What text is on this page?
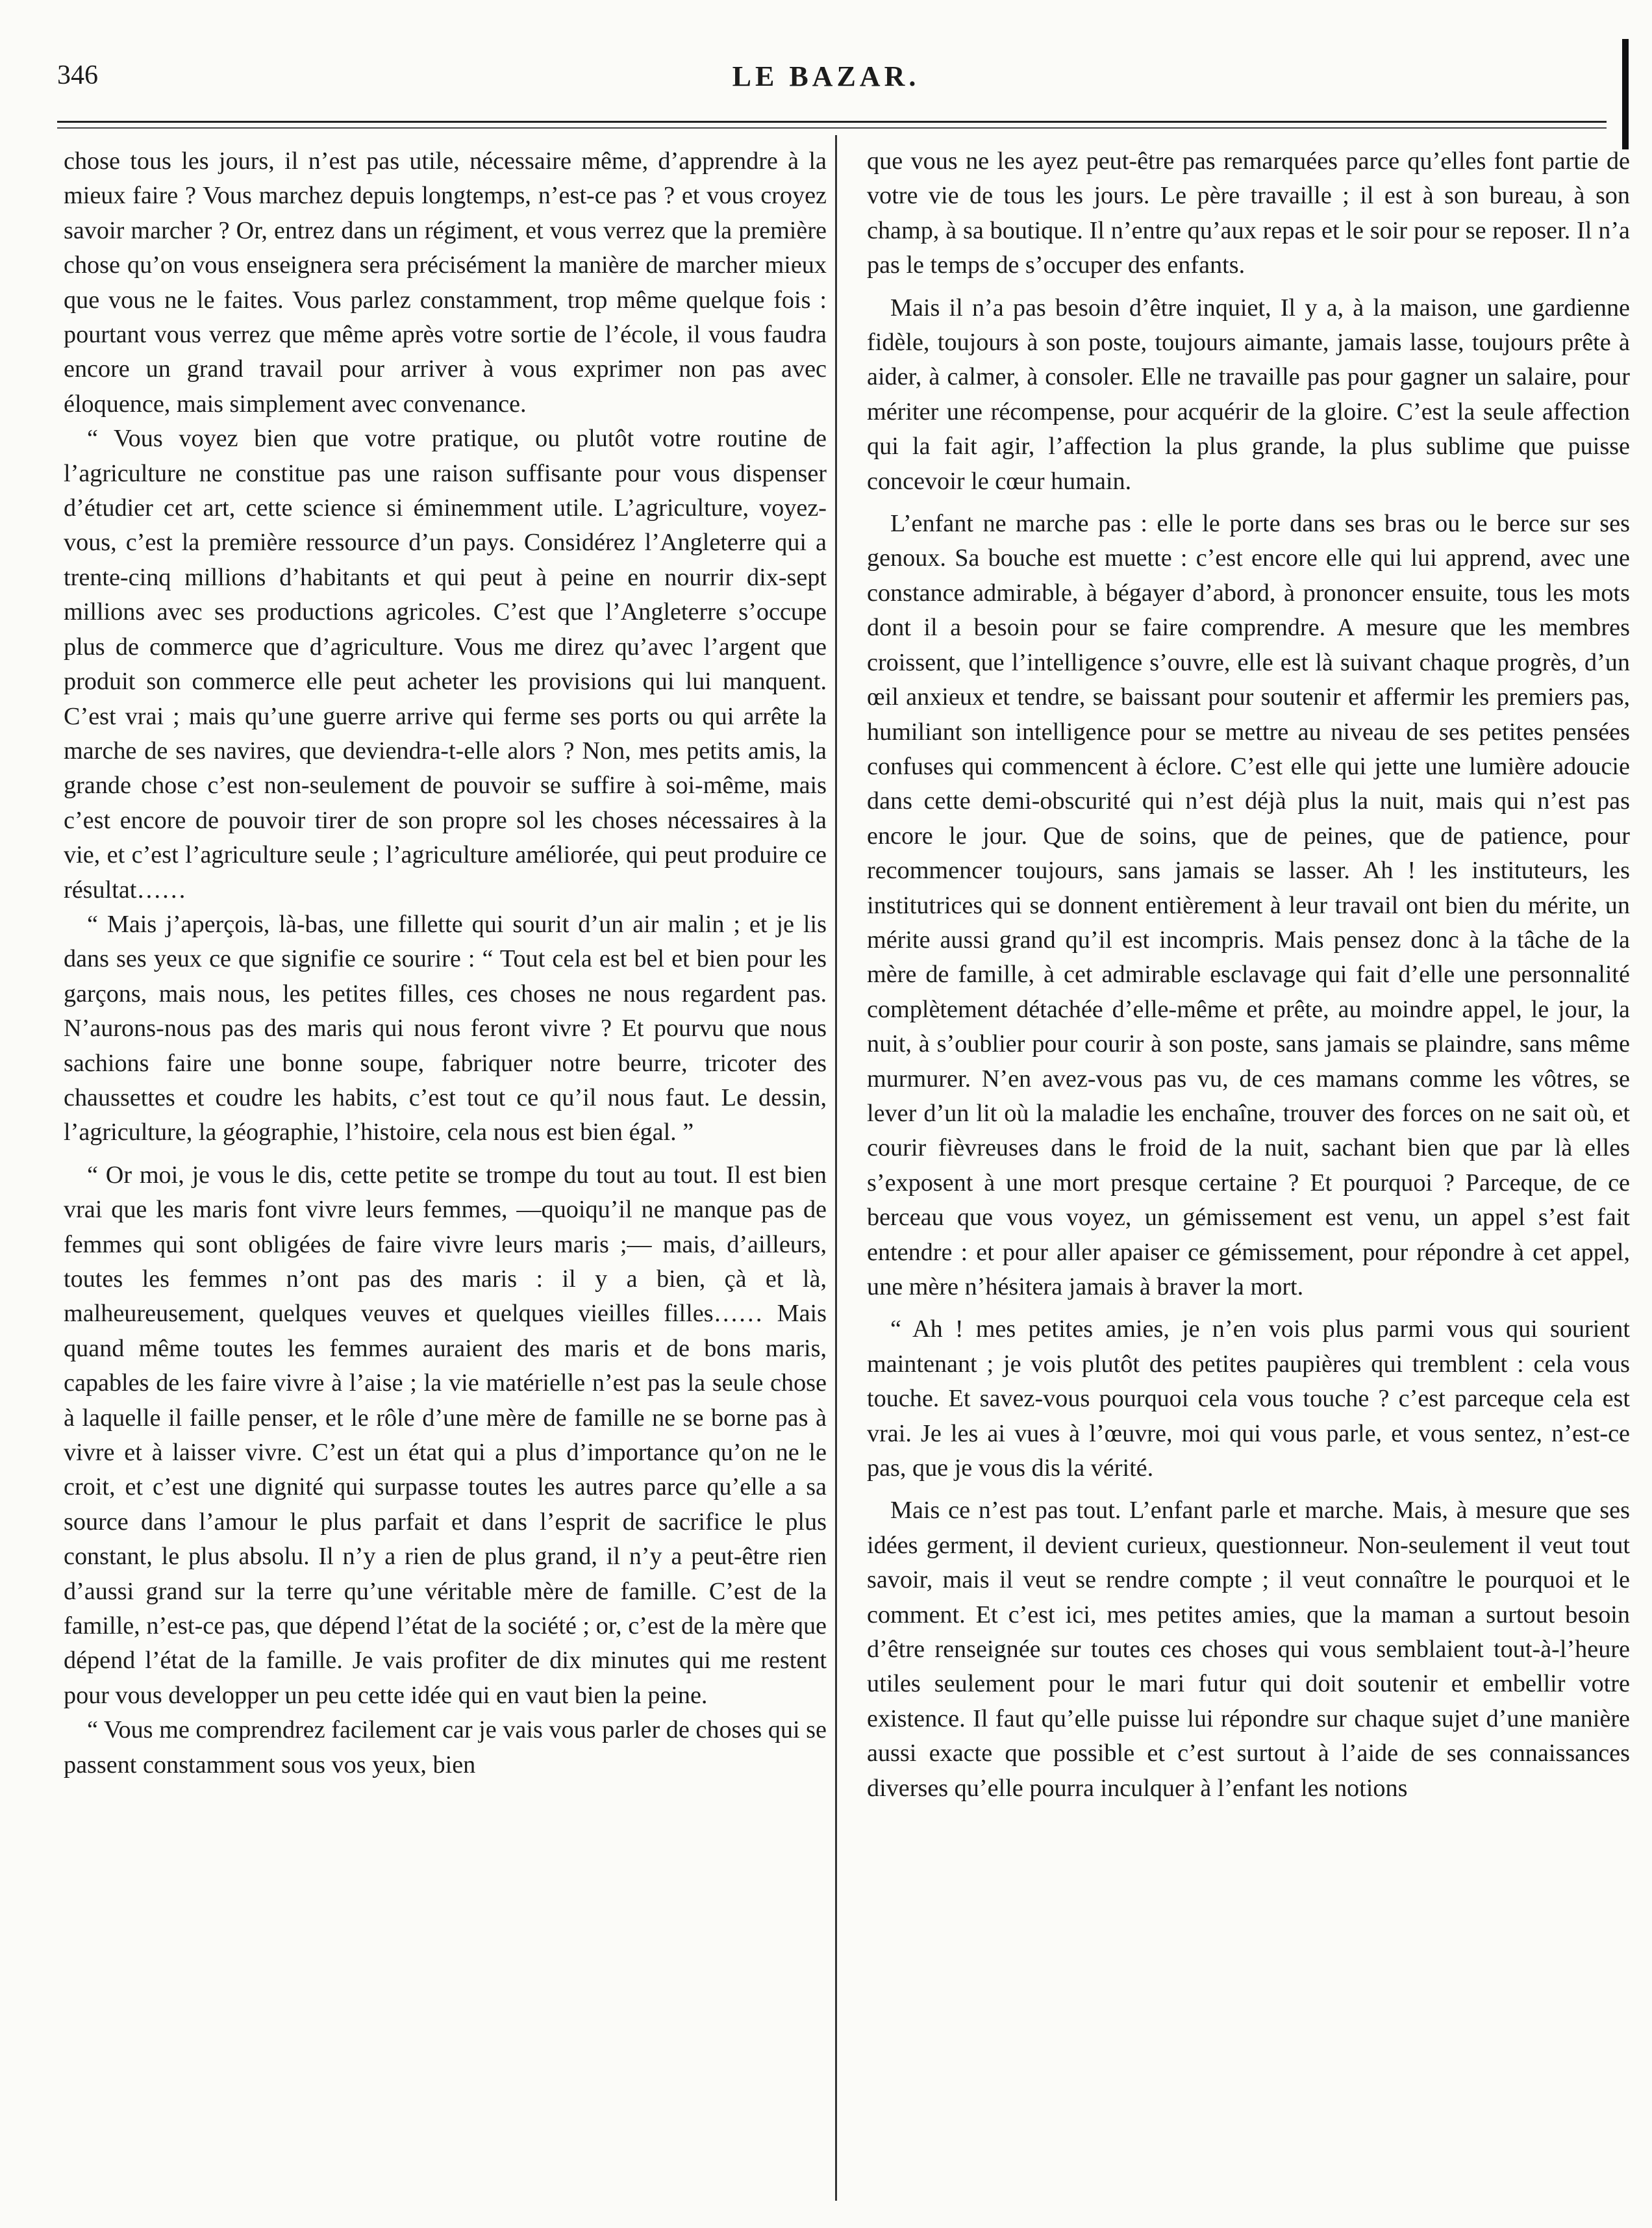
346	LE BAZAR.

chose tous les jours, il n’est pas utile, nécessaire même, d’apprendre à la mieux faire ? Vous marchez depuis longtemps, n’est-ce pas ? et vous croyez savoir marcher ? Or, entrez dans un régiment, et vous verrez que la première chose qu’on vous enseignera sera précisément la manière de marcher mieux que vous ne le faites. Vous parlez constamment, trop même quelque fois : pourtant vous verrez que même après votre sortie de l’école, il vous faudra encore un grand travail pour arriver à vous exprimer non pas avec éloquence, mais simplement avec convenance.

“ Vous voyez bien que votre pratique, ou plutôt votre routine de l’agriculture ne constitue pas une raison suffisante pour vous dispenser d’étudier cet art, cette science si éminemment utile. L’agriculture, voyez-vous, c’est la première ressource d’un pays. Considérez l’Angleterre qui a trente-cinq millions d’habitants et qui peut à peine en nourrir dix-sept millions avec ses productions agricoles. C’est que l’Angleterre s’occupe plus de commerce que d’agriculture. Vous me direz qu’avec l’argent que produit son commerce elle peut acheter les provisions qui lui manquent. C’est vrai ; mais qu’une guerre arrive qui ferme ses ports ou qui arrête la marche de ses navires, que deviendra-t-elle alors ? Non, mes petits amis, la grande chose c’est non-seulement de pouvoir se suffire à soi-même, mais c’est encore de pouvoir tirer de son propre sol les choses nécessaires à la vie, et c’est l’agriculture seule ; l’agriculture améliorée, qui peut produire ce résultat……

“ Mais j’aperçois, là-bas, une fillette qui sourit d’un air malin ; et je lis dans ses yeux ce que signifie ce sourire : “ Tout cela est bel et bien pour les garçons, mais nous, les petites filles, ces choses ne nous regardent pas. N’aurons-nous pas des maris qui nous feront vivre ? Et pourvu que nous sachions faire une bonne soupe, fabriquer notre beurre, tricoter des chaussettes et coudre les habits, c’est tout ce qu’il nous faut. Le dessin, l’agriculture, la géographie, l’histoire, cela nous est bien égal. ”

“ Or moi, je vous le dis, cette petite se trompe du tout au tout. Il est bien vrai que les maris font vivre leurs femmes, —quoiqu’il ne manque pas de femmes qui sont obligées de faire vivre leurs maris ;— mais, d’ailleurs, toutes les femmes n’ont pas des maris : il y a bien, çà et là, malheureusement, quelques veuves et quelques vieilles filles…… Mais quand même toutes les femmes auraient des maris et de bons maris, capables de les faire vivre à l’aise ; la vie matérielle n’est pas la seule chose à laquelle il faille penser, et le rôle d’une mère de famille ne se borne pas à vivre et à laisser vivre. C’est un état qui a plus d’importance qu’on ne le croit, et c’est une dignité qui surpasse toutes les autres parce qu’elle a sa source dans l’amour le plus parfait et dans l’esprit de sacrifice le plus constant, le plus absolu. Il n’y a rien de plus grand, il n’y a peut-être rien d’aussi grand sur la terre qu’une véritable mère de famille. C’est de la famille, n’est-ce pas, que dépend l’état de la société ; or, c’est de la mère que dépend l’état de la famille. Je vais profiter de dix minutes qui me restent pour vous developper un peu cette idée qui en vaut bien la peine.

“ Vous me comprendrez facilement car je vais vous parler de choses qui se passent constamment sous vos yeux, bien

que vous ne les ayez peut-être pas remarquées parce qu’elles font partie de votre vie de tous les jours. Le père travaille ; il est à son bureau, à son champ, à sa boutique. Il n’entre qu’aux repas et le soir pour se reposer. Il n’a pas le temps de s’occuper des enfants.

Mais il n’a pas besoin d’être inquiet, Il y a, à la maison, une gardienne fidèle, toujours à son poste, toujours aimante, jamais lasse, toujours prête à aider, à calmer, à consoler. Elle ne travaille pas pour gagner un salaire, pour mériter une récompense, pour acquérir de la gloire. C’est la seule affection qui la fait agir, l’affection la plus grande, la plus sublime que puisse concevoir le cœur humain.

L’enfant ne marche pas : elle le porte dans ses bras ou le berce sur ses genoux. Sa bouche est muette : c’est encore elle qui lui apprend, avec une constance admirable, à bégayer d’abord, à prononcer ensuite, tous les mots dont il a besoin pour se faire comprendre. A mesure que les membres croissent, que l’intelligence s’ouvre, elle est là suivant chaque progrès, d’un œil anxieux et tendre, se baissant pour soutenir et affermir les premiers pas, humiliant son intelligence pour se mettre au niveau de ses petites pensées confuses qui commencent à éclore. C’est elle qui jette une lumière adoucie dans cette demi-obscurité qui n’est déjà plus la nuit, mais qui n’est pas encore le jour. Que de soins, que de peines, que de patience, pour recommencer toujours, sans jamais se lasser. Ah ! les instituteurs, les institutrices qui se donnent entièrement à leur travail ont bien du mérite, un mérite aussi grand qu’il est incompris. Mais pensez donc à la tâche de la mère de famille, à cet admirable esclavage qui fait d’elle une personnalité complètement détachée d’elle-même et prête, au moindre appel, le jour, la nuit, à s’oublier pour courir à son poste, sans jamais se plaindre, sans même murmurer. N’en avez-vous pas vu, de ces mamans comme les vôtres, se lever d’un lit où la maladie les enchaîne, trouver des forces on ne sait où, et courir fièvreuses dans le froid de la nuit, sachant bien que par là elles s’exposent à une mort presque certaine ? Et pourquoi ? Parceque, de ce berceau que vous voyez, un gémissement est venu, un appel s’est fait entendre : et pour aller apaiser ce gémissement, pour répondre à cet appel, une mère n’hésitera jamais à braver la mort.

“ Ah ! mes petites amies, je n’en vois plus parmi vous qui sourient maintenant ; je vois plutôt des petites paupières qui tremblent : cela vous touche. Et savez-vous pourquoi cela vous touche ? c’est parceque cela est vrai. Je les ai vues à l’œuvre, moi qui vous parle, et vous sentez, n’est-ce pas, que je vous dis la vérité.

Mais ce n’est pas tout. L’enfant parle et marche. Mais, à mesure que ses idées germent, il devient curieux, questionneur. Non-seulement il veut tout savoir, mais il veut se rendre compte ; il veut connaître le pourquoi et le comment. Et c’est ici, mes petites amies, que la maman a surtout besoin d’être renseignée sur toutes ces choses qui vous semblaient tout-à-l’heure utiles seulement pour le mari futur qui doit soutenir et embellir votre existence. Il faut qu’elle puisse lui répondre sur chaque sujet d’une manière aussi exacte que possible et c’est surtout à l’aide de ses connaissances diverses qu’elle pourra inculquer à l’enfant les notions
